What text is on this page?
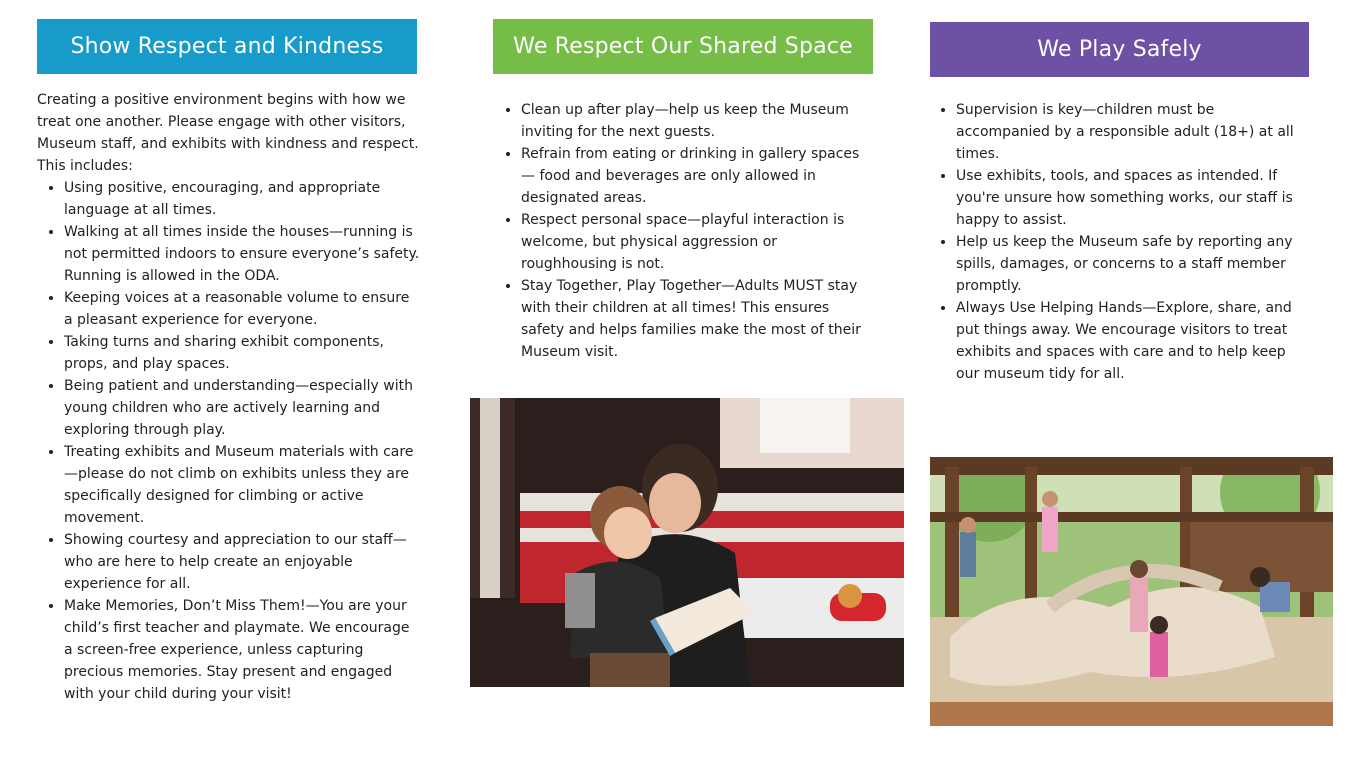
Show Respect and Kindness

Creating a positive environment begins with how we treat one another. Please engage with other visitors, Museum staff, and exhibits with kindness and respect. This includes:

• Using positive, encouraging, and appropriate language at all times.
• Walking at all times inside the houses—running is not permitted indoors to ensure everyone’s safety. Running is allowed in the ODA.
• Keeping voices at a reasonable volume to ensure a pleasant experience for everyone.
• Taking turns and sharing exhibit components, props, and play spaces.
• Being patient and understanding—especially with young children who are actively learning and exploring through play.
• Treating exhibits and Museum materials with care —please do not climb on exhibits unless they are specifically designed for climbing or active movement.
• Showing courtesy and appreciation to our staff— who are here to help create an enjoyable experience for all.
• Make Memories, Don’t Miss Them!—You are your child’s first teacher and playmate. We encourage a screen-free experience, unless capturing precious memories. Stay present and engaged with your child during your visit!
We Respect Our Shared Space
• Clean up after play—help us keep the Museum inviting for the next guests.
• Refrain from eating or drinking in gallery spaces— food and beverages are only allowed in designated areas.
• Respect personal space—playful interaction is welcome, but physical aggression or roughhousing is not.
• Stay Together, Play Together—Adults MUST stay with their children at all times! This ensures safety and helps families make the most of their Museum visit.
We Play Safely
• Supervision is key—children must be accompanied by a responsible adult (18+) at all times.
• Use exhibits, tools, and spaces as intended. If you're unsure how something works, our staff is happy to assist.
• Help us keep the Museum safe by reporting any spills, damages, or concerns to a staff member promptly.
• Always Use Helping Hands—Explore, share, and put things away. We encourage visitors to treat exhibits and spaces with care and to help keep our museum tidy for all.
